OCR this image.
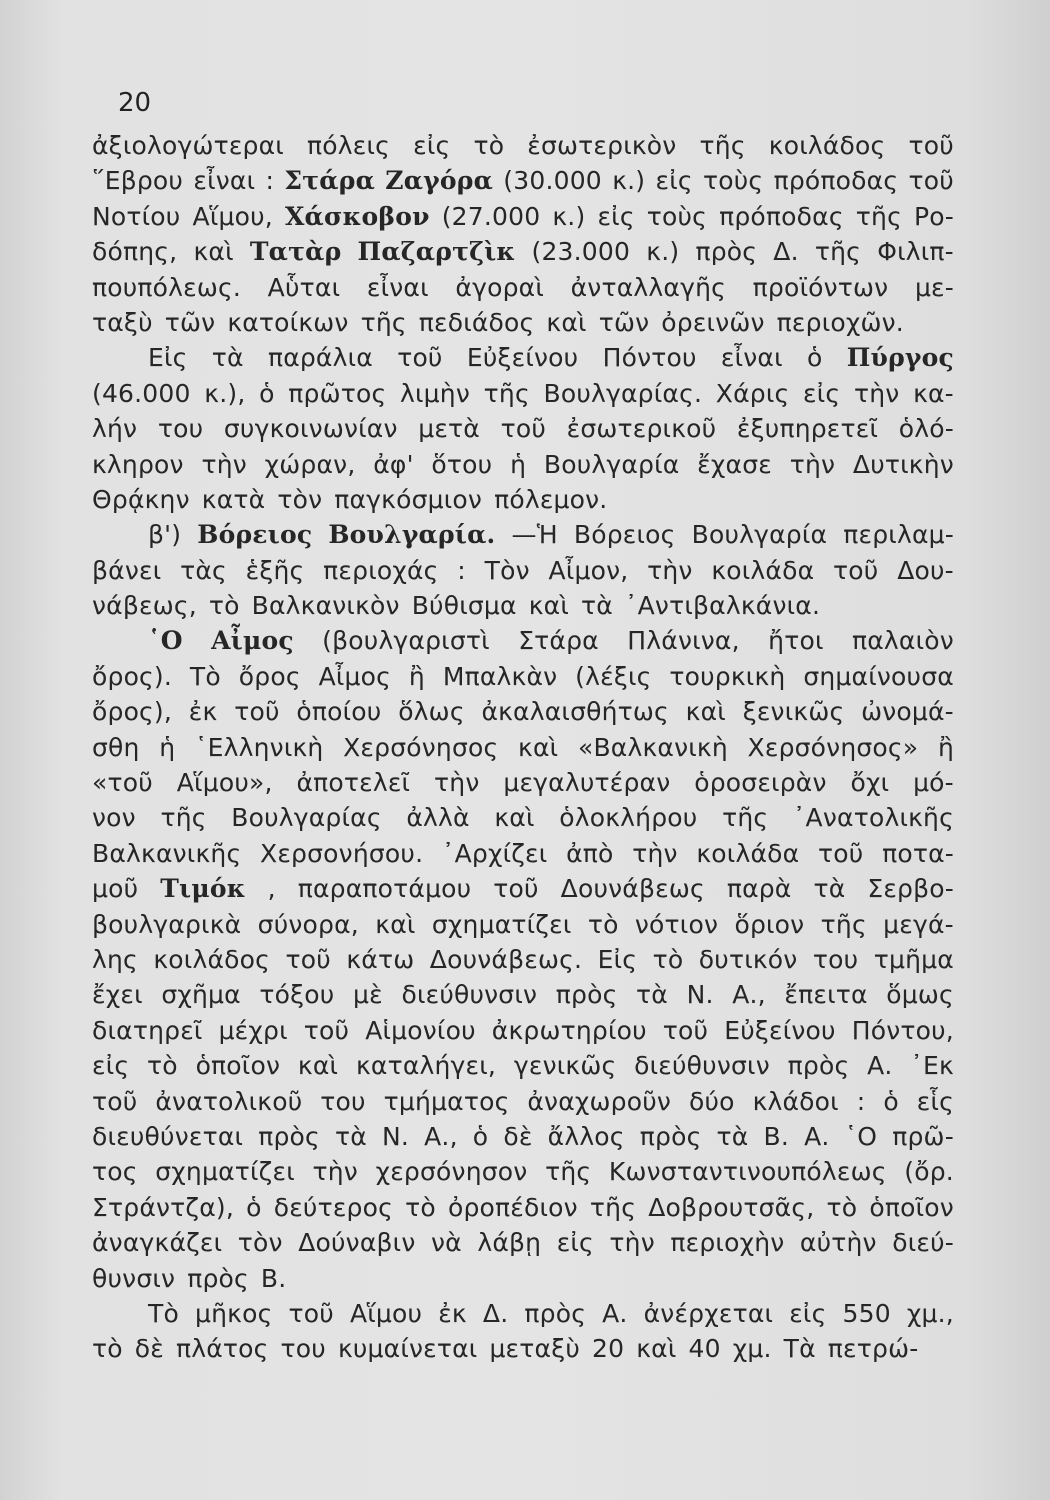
20
ἀξιολογώτεραι πόλεις εἰς τὸ ἐσωτερικὸν τῆς κοιλάδος τοῦ
῞Εβρου εἶναι : Στάρα Ζαγόρα (30.000 κ.) εἰς τοὺς πρόποδας τοῦ
Νοτίου Αἵμου, Χάσκοβον (27.000 κ.) εἰς τοὺς πρόποδας τῆς Ρο-
δόπης, καὶ Τατὰρ Παζαρτζὶκ (23.000 κ.) πρὸς Δ. τῆς Φιλιπ-
πουπόλεως. Αὗται εἶναι ἀγοραὶ ἀνταλλαγῆς προϊόντων με-
ταξὺ τῶν κατοίκων τῆς πεδιάδος καὶ τῶν ὀρεινῶν περιοχῶν.
Εἰς τὰ παράλια τοῦ Εὐξείνου Πόντου εἶναι ὁ Πύργος
(46.000 κ.), ὁ πρῶτος λιμὴν τῆς Βουλγαρίας. Χάρις εἰς τὴν κα-
λήν του συγκοινωνίαν μετὰ τοῦ ἐσωτερικοῦ ἐξυπηρετεῖ ὁλό-
κληρον τὴν χώραν, ἀφ' ὅτου ἡ Βουλγαρία ἔχασε τὴν Δυτικὴν
Θρᾴκην κατὰ τὸν παγκόσμιον πόλεμον.
β') Βόρειος Βουλγαρία. —Ἡ Βόρειος Βουλγαρία περιλαμ-
βάνει τὰς ἑξῆς περιοχάς : Τὸν Αἶμον, τὴν κοιλάδα τοῦ Δου-
νάβεως, τὸ Βαλκανικὸν Βύθισμα καὶ τὰ ᾿Αντιβαλκάνια.
῾Ο Αἶμος (βουλγαριστὶ Στάρα Πλάνινα, ἤτοι παλαιὸν
ὄρος). Τὸ ὄρος Αἶμος ἢ Μπαλκὰν (λέξις τουρκικὴ σημαίνουσα
ὄρος), ἐκ τοῦ ὁποίου ὅλως ἀκαλαισθήτως καὶ ξενικῶς ὠνομά-
σθη ἡ ῾Ελληνικὴ Χερσόνησος καὶ «Βαλκανικὴ Χερσόνησος» ἢ
«τοῦ Αἵμου», ἀποτελεῖ τὴν μεγαλυτέραν ὁροσειρὰν ὄχι μό-
νον τῆς Βουλγαρίας ἀλλὰ καὶ ὁλοκλήρου τῆς ᾿Ανατολικῆς
Βαλκανικῆς Χερσονήσου. ᾿Αρχίζει ἀπὸ τὴν κοιλάδα τοῦ ποτα-
μοῦ Τιμόκ , παραποτάμου τοῦ Δουνάβεως παρὰ τὰ Σερβο-
βουλγαρικὰ σύνορα, καὶ σχηματίζει τὸ νότιον ὅριον τῆς μεγά-
λης κοιλάδος τοῦ κάτω Δουνάβεως. Εἰς τὸ δυτικόν του τμῆμα
ἔχει σχῆμα τόξου μὲ διεύθυνσιν πρὸς τὰ Ν. Α., ἔπειτα ὅμως
διατηρεῖ μέχρι τοῦ Αἱμονίου ἀκρωτηρίου τοῦ Εὐξείνου Πόντου,
εἰς τὸ ὁποῖον καὶ καταλήγει, γενικῶς διεύθυνσιν πρὸς Α. ᾿Εκ
τοῦ ἀνατολικοῦ του τμήματος ἀναχωροῦν δύο κλάδοι : ὁ εἷς
διευθύνεται πρὸς τὰ Ν. Α., ὁ δὲ ἄλλος πρὸς τὰ Β. Α. ῾Ο πρῶ-
τος σχηματίζει τὴν χερσόνησον τῆς Κωνσταντινουπόλεως (ὄρ.
Στράντζα), ὁ δεύτερος τὸ ὀροπέδιον τῆς Δοβρουτσᾶς, τὸ ὁποῖον
ἀναγκάζει τὸν Δούναβιν νὰ λάβῃ εἰς τὴν περιοχὴν αὐτὴν διεύ-
θυνσιν πρὸς Β.
Τὸ μῆκος τοῦ Αἵμου ἐκ Δ. πρὸς Α. ἀνέρχεται εἰς 550 χμ.,
τὸ δὲ πλάτος του κυμαίνεται μεταξὺ 20 καὶ 40 χμ. Τὰ πετρώ-
